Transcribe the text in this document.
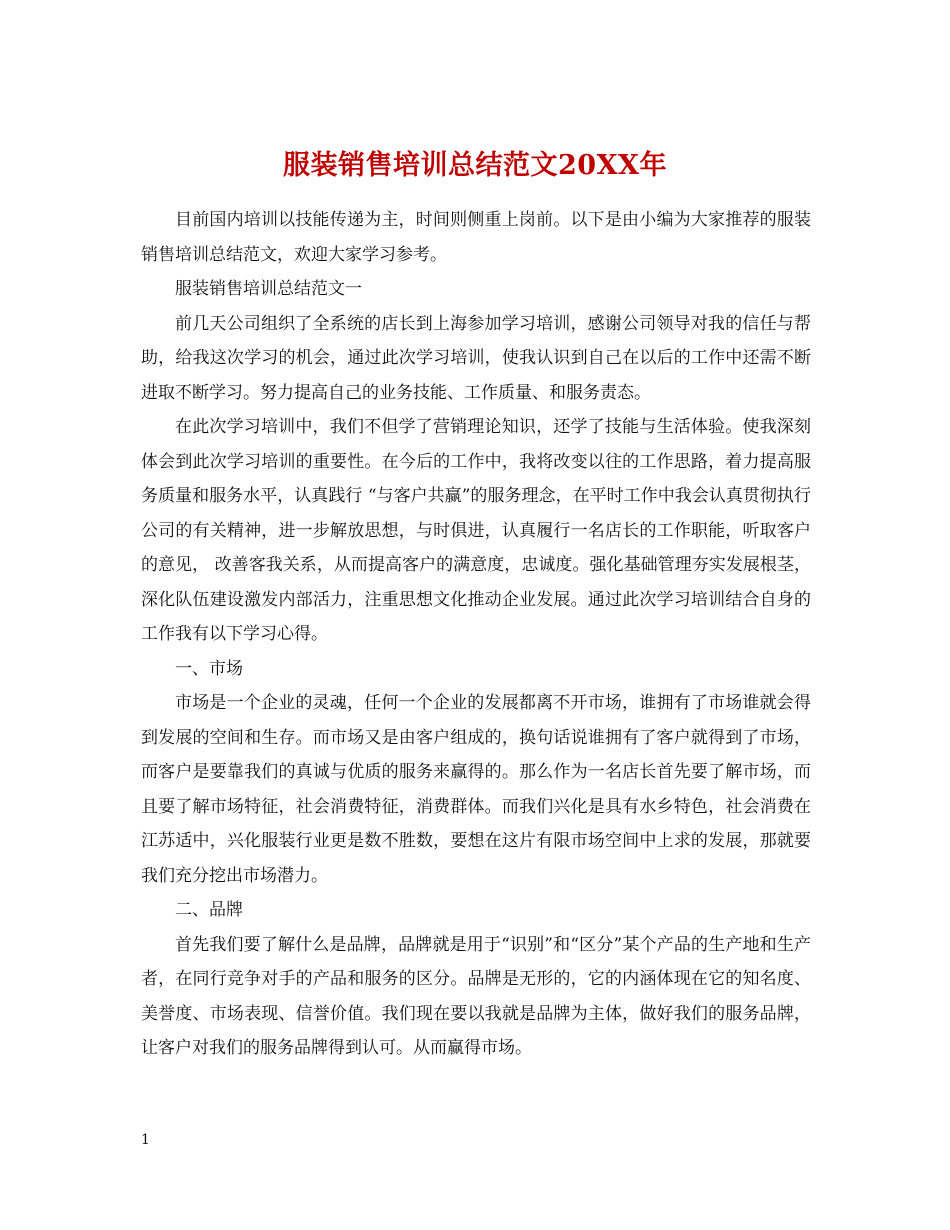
服装销售培训总结范文20XX年

目前国内培训以技能传递为主，时间则侧重上岗前。以下是由小编为大家推荐的服装销售培训总结范文，欢迎大家学习参考。

服装销售培训总结范文一

前几天公司组织了全系统的店长到上海参加学习培训，感谢公司领导对我的信任与帮助，给我这次学习的机会，通过此次学习培训，使我认识到自己在以后的工作中还需不断进取不断学习。努力提高自己的业务技能、工作质量、和服务责态。

在此次学习培训中，我们不但学了营销理论知识，还学了技能与生活体验。使我深刻体会到此次学习培训的重要性。在今后的工作中，我将改变以往的工作思路，着力提高服务质量和服务水平，认真践行 “与客户共赢”的服务理念，在平时工作中我会认真贯彻执行公司的有关精神，进一步解放思想，与时俱进，认真履行一名店长的工作职能，听取客户的意见， 改善客我关系，从而提高客户的满意度，忠诚度。强化基础管理夯实发展根茎，深化队伍建设激发内部活力，注重思想文化推动企业发展。通过此次学习培训结合自身的工作我有以下学习心得。

一、市场

市场是一个企业的灵魂，任何一个企业的发展都离不开市场，谁拥有了市场谁就会得到发展的空间和生存。而市场又是由客户组成的，换句话说谁拥有了客户就得到了市场，而客户是要靠我们的真诚与优质的服务来赢得的。那么作为一名店长首先要了解市场，而且要了解市场特征，社会消费特征，消费群体。而我们兴化是具有水乡特色，社会消费在江苏适中，兴化服装行业更是数不胜数，要想在这片有限市场空间中上求的发展，那就要我们充分挖出市场潜力。

二、品牌

首先我们要了解什么是品牌，品牌就是用于“识别”和“区分”某个产品的生产地和生产者，在同行竞争对手的产品和服务的区分。品牌是无形的，它的内涵体现在它的知名度、美誉度、市场表现、信誉价值。我们现在要以我就是品牌为主体，做好我们的服务品牌，让客户对我们的服务品牌得到认可。从而赢得市场。

1
